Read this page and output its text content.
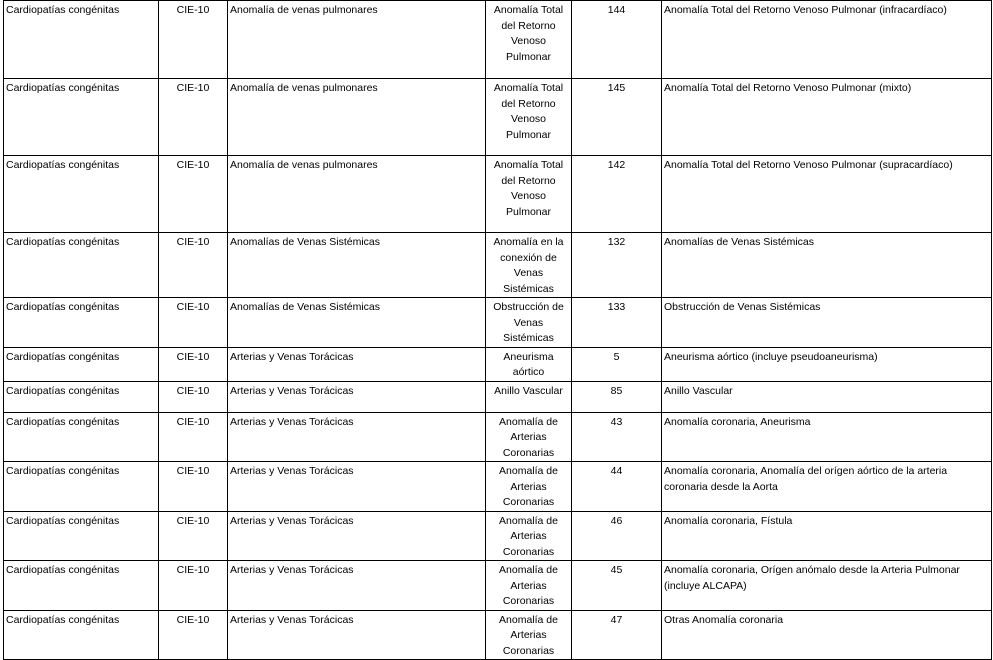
Cardiopatías congénitas	CIE-10	Anomalía de venas pulmonares	Anomalía Total del Retorno Venoso Pulmonar	144	Anomalía Total del Retorno Venoso Pulmonar (infracardíaco)
Cardiopatías congénitas	CIE-10	Anomalía de venas pulmonares	Anomalía Total del Retorno Venoso Pulmonar	145	Anomalía Total del Retorno Venoso Pulmonar (mixto)
Cardiopatías congénitas	CIE-10	Anomalía de venas pulmonares	Anomalía Total del Retorno Venoso Pulmonar	142	Anomalía Total del Retorno Venoso Pulmonar (supracardíaco)
Cardiopatías congénitas	CIE-10	Anomalías de Venas Sistémicas	Anomalía en la conexión de Venas Sistémicas	132	Anomalías de Venas Sistémicas
Cardiopatías congénitas	CIE-10	Anomalías de Venas Sistémicas	Obstrucción de Venas Sistémicas	133	Obstrucción de Venas Sistémicas
Cardiopatías congénitas	CIE-10	Arterias y Venas Torácicas	Aneurisma aórtico	5	Aneurisma aórtico (incluye pseudoaneurisma)
Cardiopatías congénitas	CIE-10	Arterias y Venas Torácicas	Anillo Vascular	85	Anillo Vascular
Cardiopatías congénitas	CIE-10	Arterias y Venas Torácicas	Anomalía de Arterias Coronarias	43	Anomalía coronaria, Aneurisma
Cardiopatías congénitas	CIE-10	Arterias y Venas Torácicas	Anomalía de Arterias Coronarias	44	Anomalía coronaria, Anomalía del orígen aórtico de la arteria coronaria desde la Aorta
Cardiopatías congénitas	CIE-10	Arterias y Venas Torácicas	Anomalía de Arterias Coronarias	46	Anomalía coronaria, Fístula
Cardiopatías congénitas	CIE-10	Arterias y Venas Torácicas	Anomalía de Arterias Coronarias	45	Anomalía coronaria, Orígen anómalo desde la Arteria Pulmonar (incluye ALCAPA)
Cardiopatías congénitas	CIE-10	Arterias y Venas Torácicas	Anomalía de Arterias Coronarias	47	Otras Anomalía coronaria
